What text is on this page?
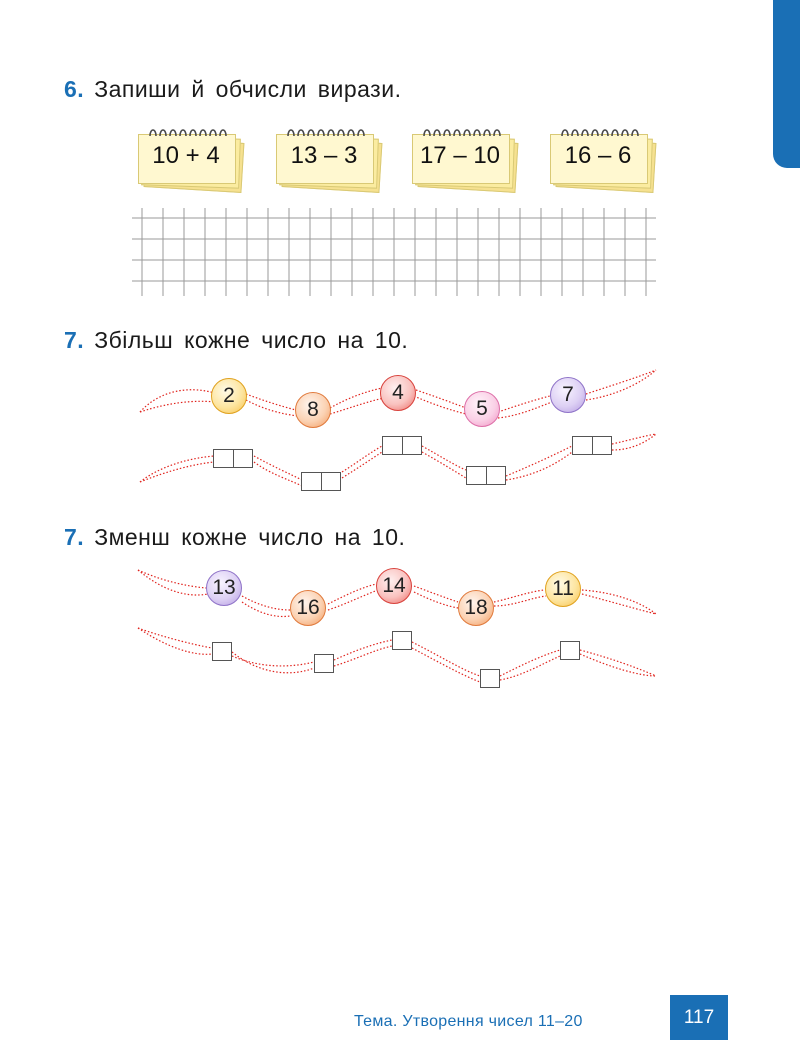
6. Запиши й обчисли вирази.
10 + 4	13 – 3	17 – 10	16 – 6
7. Збільш кожне число на 10.
2
8
4
5
7
7. Зменш кожне число на 10.
13
16
14
18
11
Тема. Утворення чисел 11–20	117
